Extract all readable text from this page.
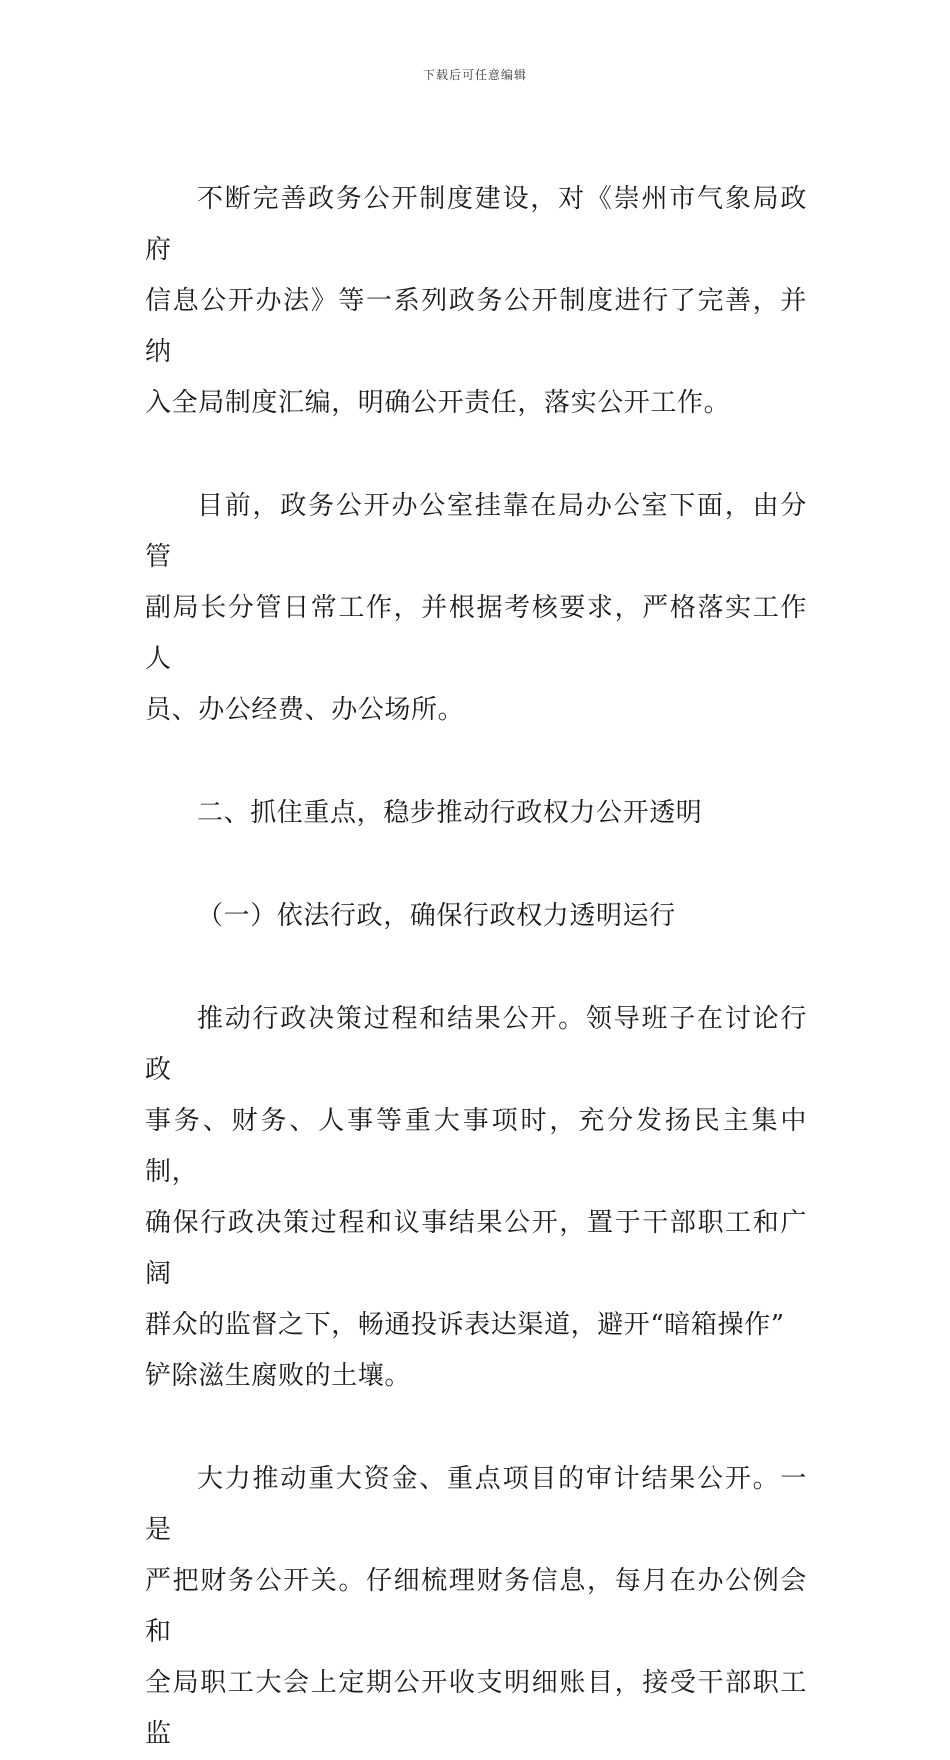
下载后可任意编辑

不断完善政务公开制度建设，对《崇州市气象局政府
信息公开办法》等一系列政务公开制度进行了完善，并纳
入全局制度汇编，明确公开责任，落实公开工作。

目前，政务公开办公室挂靠在局办公室下面，由分管
副局长分管日常工作，并根据考核要求，严格落实工作人
员、办公经费、办公场所。

二、抓住重点，稳步推动行政权力公开透明

（一）依法行政，确保行政权力透明运行

推动行政决策过程和结果公开。领导班子在讨论行政
事务、财务、人事等重大事项时，充分发扬民主集中制，
确保行政决策过程和议事结果公开，置于干部职工和广阔
群众的监督之下，畅通投诉表达渠道，避开“暗箱操作”
铲除滋生腐败的土壤。

大力推动重大资金、重点项目的审计结果公开。一是
严把财务公开关。仔细梳理财务信息，每月在办公例会和
全局职工大会上定期公开收支明细账目，接受干部职工监
